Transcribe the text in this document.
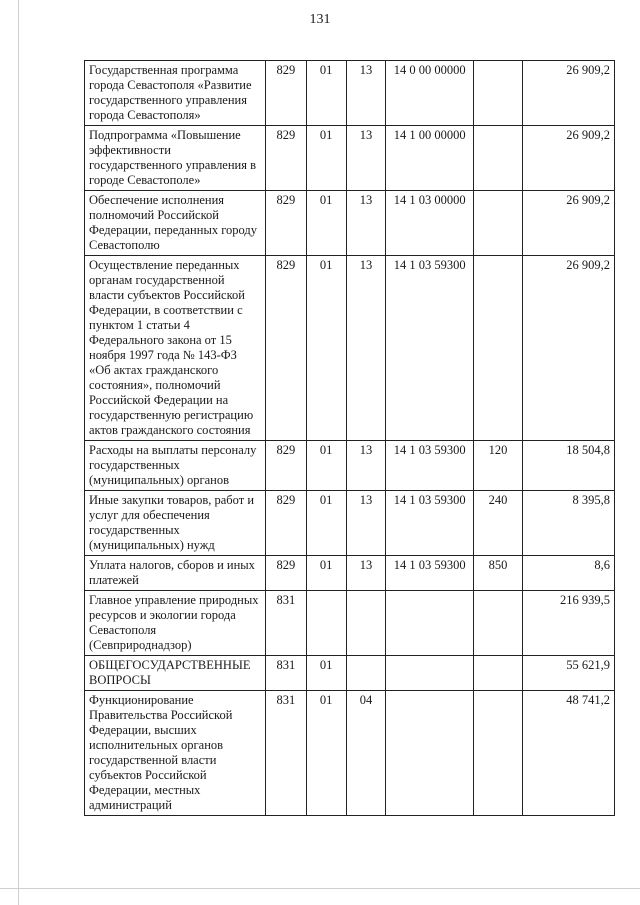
131
Государственная программа города Севастополя «Развитие государственного управления города Севастополя»	829	01	13	14 0 00 00000		26 909,2
Подпрограмма «Повышение эффективности государственного управления в городе Севастополе»	829	01	13	14 1 00 00000		26 909,2
Обеспечение исполнения полномочий Российской Федерации, переданных городу Севастополю	829	01	13	14 1 03 00000		26 909,2
Осуществление переданных органам государственной власти субъектов Российской Федерации, в соответствии с пунктом 1 статьи 4 Федерального закона от 15 ноября 1997 года № 143-ФЗ «Об актах гражданского состояния», полномочий Российской Федерации на государственную регистрацию актов гражданского состояния	829	01	13	14 1 03 59300		26 909,2
Расходы на выплаты персоналу государственных (муниципальных) органов	829	01	13	14 1 03 59300	120	18 504,8
Иные закупки товаров, работ и услуг для обеспечения государственных (муниципальных) нужд	829	01	13	14 1 03 59300	240	8 395,8
Уплата налогов, сборов и иных платежей	829	01	13	14 1 03 59300	850	8,6
Главное управление природных ресурсов и экологии города Севастополя (Севприроднадзор)	831					216 939,5
ОБЩЕГОСУДАРСТВЕННЫЕ ВОПРОСЫ	831	01				55 621,9
Функционирование Правительства Российской Федерации, высших исполнительных органов государственной власти субъектов Российской Федерации, местных администраций	831	01	04			48 741,2
